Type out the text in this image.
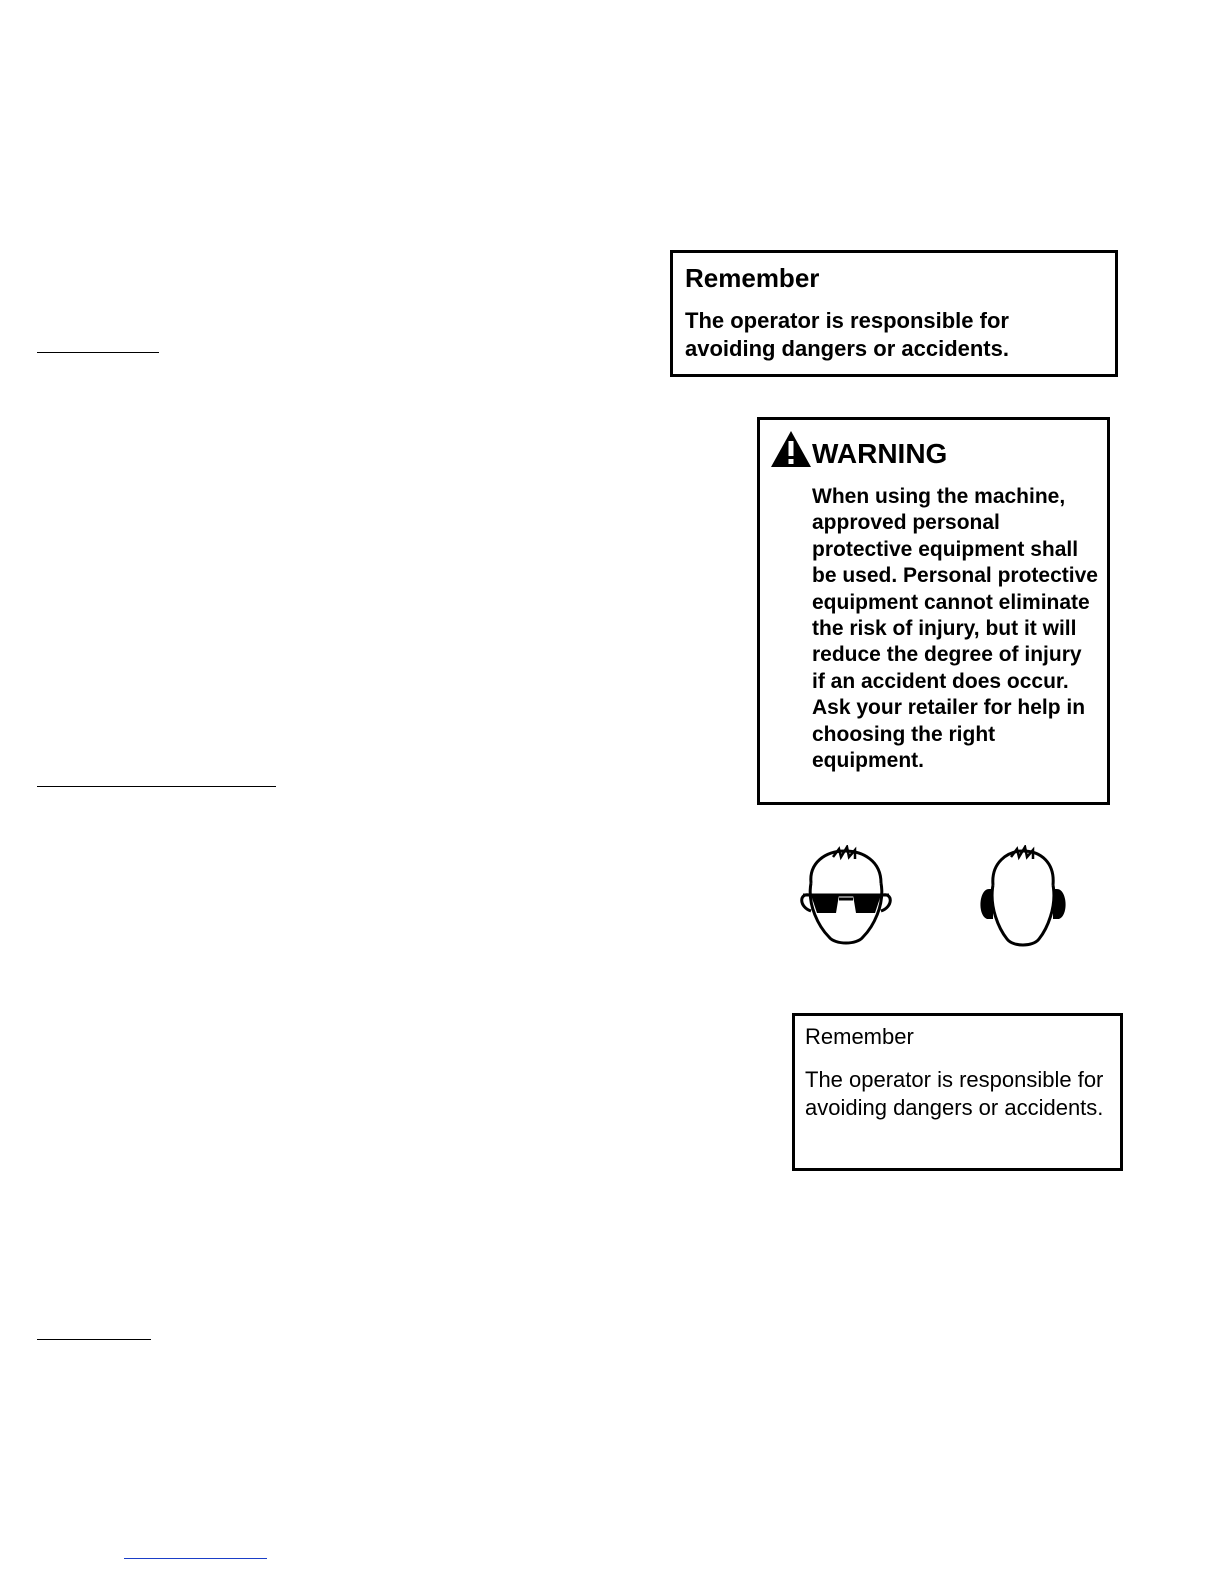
Remember
The operator is responsible for avoiding dangers or accidents.
WARNING
When using the machine, approved personal protective equipment shall be used. Personal protective equipment cannot eliminate the risk of injury, but it will reduce the degree of injury if an accident does occur. Ask your retailer for help in choosing the right equipment.
Remember
The operator is responsible for avoiding dangers or accidents.
